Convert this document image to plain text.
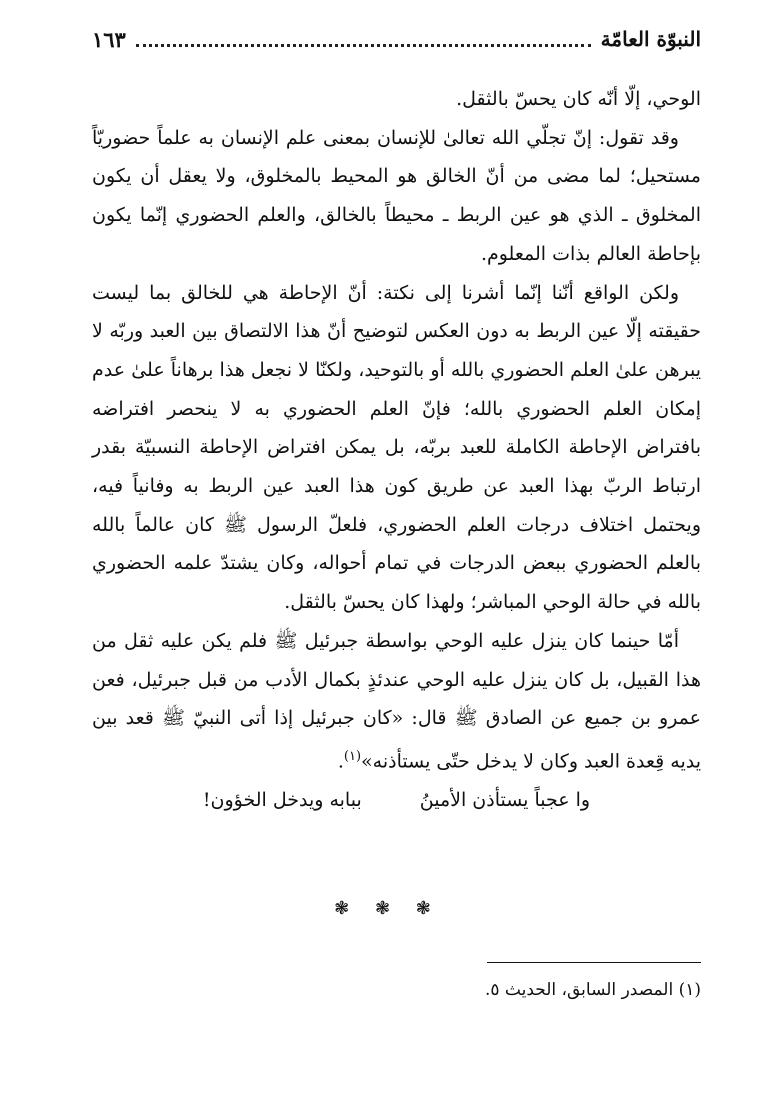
النبوّة العامّة
١٦٣

الوحي، إلّا أنّه كان يحسّ بالثقل.

وقد تقول: إنّ تجلّي الله تعالىٰ للإنسان بمعنى علم الإنسان به علماً حضوريّاً مستحيل؛ لما مضى من أنّ الخالق هو المحيط بالمخلوق، ولا يعقل أن يكون المخلوق ـ الذي هو عين الربط ـ محيطاً بالخالق، والعلم الحضوري إنّما يكون بإحاطة العالم بذات المعلوم.

ولكن الواقع أنّنا إنّما أشرنا إلى نكتة: أنّ الإحاطة هي للخالق بما ليست حقيقته إلّا عين الربط به دون العكس لتوضيح أنّ هذا الالتصاق بين العبد وربّه لا يبرهن علىٰ العلم الحضوري بالله أو بالتوحيد، ولكنّا لا نجعل هذا برهاناً علىٰ عدم إمكان العلم الحضوري بالله؛ فإنّ العلم الحضوري به لا ينحصر افتراضه بافتراض الإحاطة الكاملة للعبد بربّه، بل يمكن افتراض الإحاطة النسبيّة بقدر ارتباط الربّ بهذا العبد عن طريق كون هذا العبد عين الربط به وفانياً فيه، ويحتمل اختلاف درجات العلم الحضوري، فلعلّ الرسول ﷺ كان عالماً بالله بالعلم الحضوري ببعض الدرجات في تمام أحواله، وكان يشتدّ علمه الحضوري بالله في حالة الوحي المباشر؛ ولهذا كان يحسّ بالثقل.

أمّا حينما كان ينزل عليه الوحي بواسطة جبرئيل ﷺ فلم يكن عليه ثقل من هذا القبيل، بل كان ينزل عليه الوحي عندئذٍ بكمال الأدب من قبل جبرئيل، فعن عمرو بن جميع عن الصادق ﷺ قال: «كان جبرئيل إذا أتى النبيّ ﷺ قعد بين يديه قِعدة العبد وكان لا يدخل حتّى يستأذنه»$^{(١)}$.

وا عجباً يستأذن الأمينُ
ببابه ويدخل الخؤون!
❃ ❃ ❃
(١) المصدر السابق، الحديث ٥.
